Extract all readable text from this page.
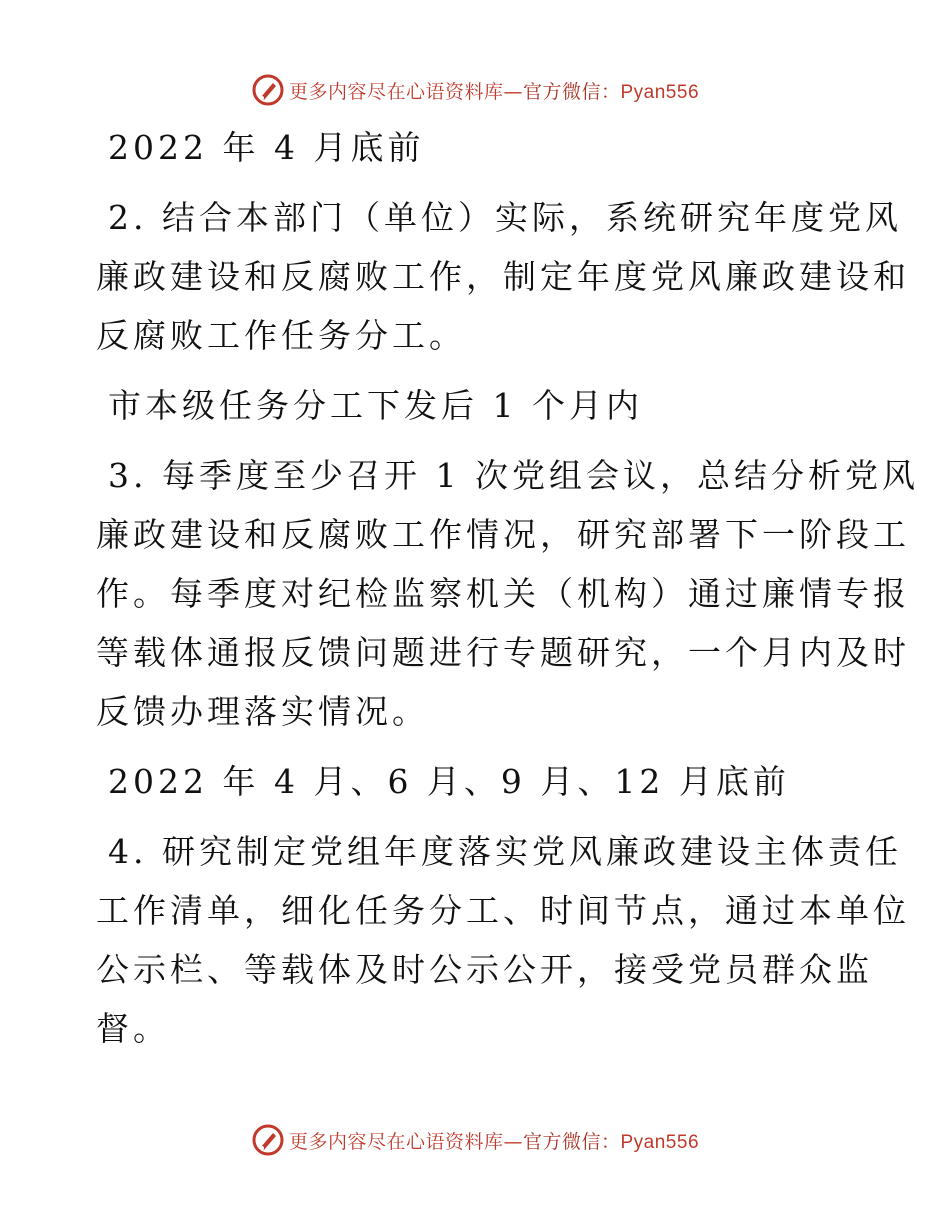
更多内容尽在心语资料库—官方微信：Pyan556

2022 年 4 月底前

2. 结合本部门（单位）实际，系统研究年度党风

廉政建设和反腐败工作，制定年度党风廉政建设和

反腐败工作任务分工。

市本级任务分工下发后 1 个月内

3. 每季度至少召开 1 次党组会议，总结分析党风

廉政建设和反腐败工作情况，研究部署下一阶段工

作。每季度对纪检监察机关（机构）通过廉情专报

等载体通报反馈问题进行专题研究，一个月内及时

反馈办理落实情况。

2022 年 4 月、6 月、9 月、12 月底前

4. 研究制定党组年度落实党风廉政建设主体责任

工作清单，细化任务分工、时间节点，通过本单位

公示栏、等载体及时公示公开，接受党员群众监

督。

更多内容尽在心语资料库—官方微信：Pyan556
